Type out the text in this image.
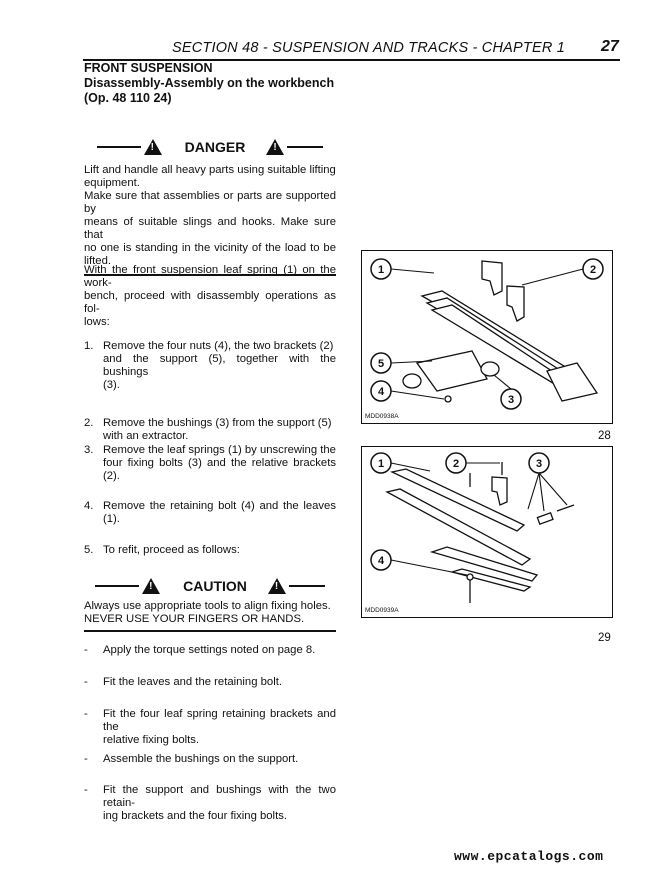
SECTION 48 - SUSPENSION AND TRACKS - CHAPTER 1 27
FRONT SUSPENSION
Disassembly-Assembly on the workbench
(Op. 48 110 24)
!
DANGER
!
Lift and handle all heavy parts using suitable lifting
equipment.
Make sure that assemblies or parts are supported by
means of suitable slings and hooks. Make sure that
no one is standing in the vicinity of the load to be lifted.
With the front suspension leaf spring (1) on the work-
bench, proceed with disassembly operations as fol-
lows:
1. Remove the four nuts (4), the two brackets (2)
and the support (5), together with the bushings
(3).
2. Remove the bushings (3) from the support (5)
with an extractor.
3. Remove the leaf springs (1) by unscrewing the
four fixing bolts (3) and the relative brackets (2).
4. Remove the retaining bolt (4) and the leaves (1).
5. To refit, proceed as follows:
!
CAUTION
!
Always use appropriate tools to align fixing holes.
NEVER USE YOUR FINGERS OR HANDS.
- Apply the torque settings noted on page 8.
- Fit the leaves and the retaining bolt.
- Fit the four leaf spring retaining brackets and the
relative fixing bolts.
- Assemble the bushings on the support.
- Fit the support and bushings with the two retain-
ing brackets and the four fixing bolts.
1	2
5
4
3
MDD0938A
28
1	2	3
4
MDD0939A
29
www.epcatalogs.com
